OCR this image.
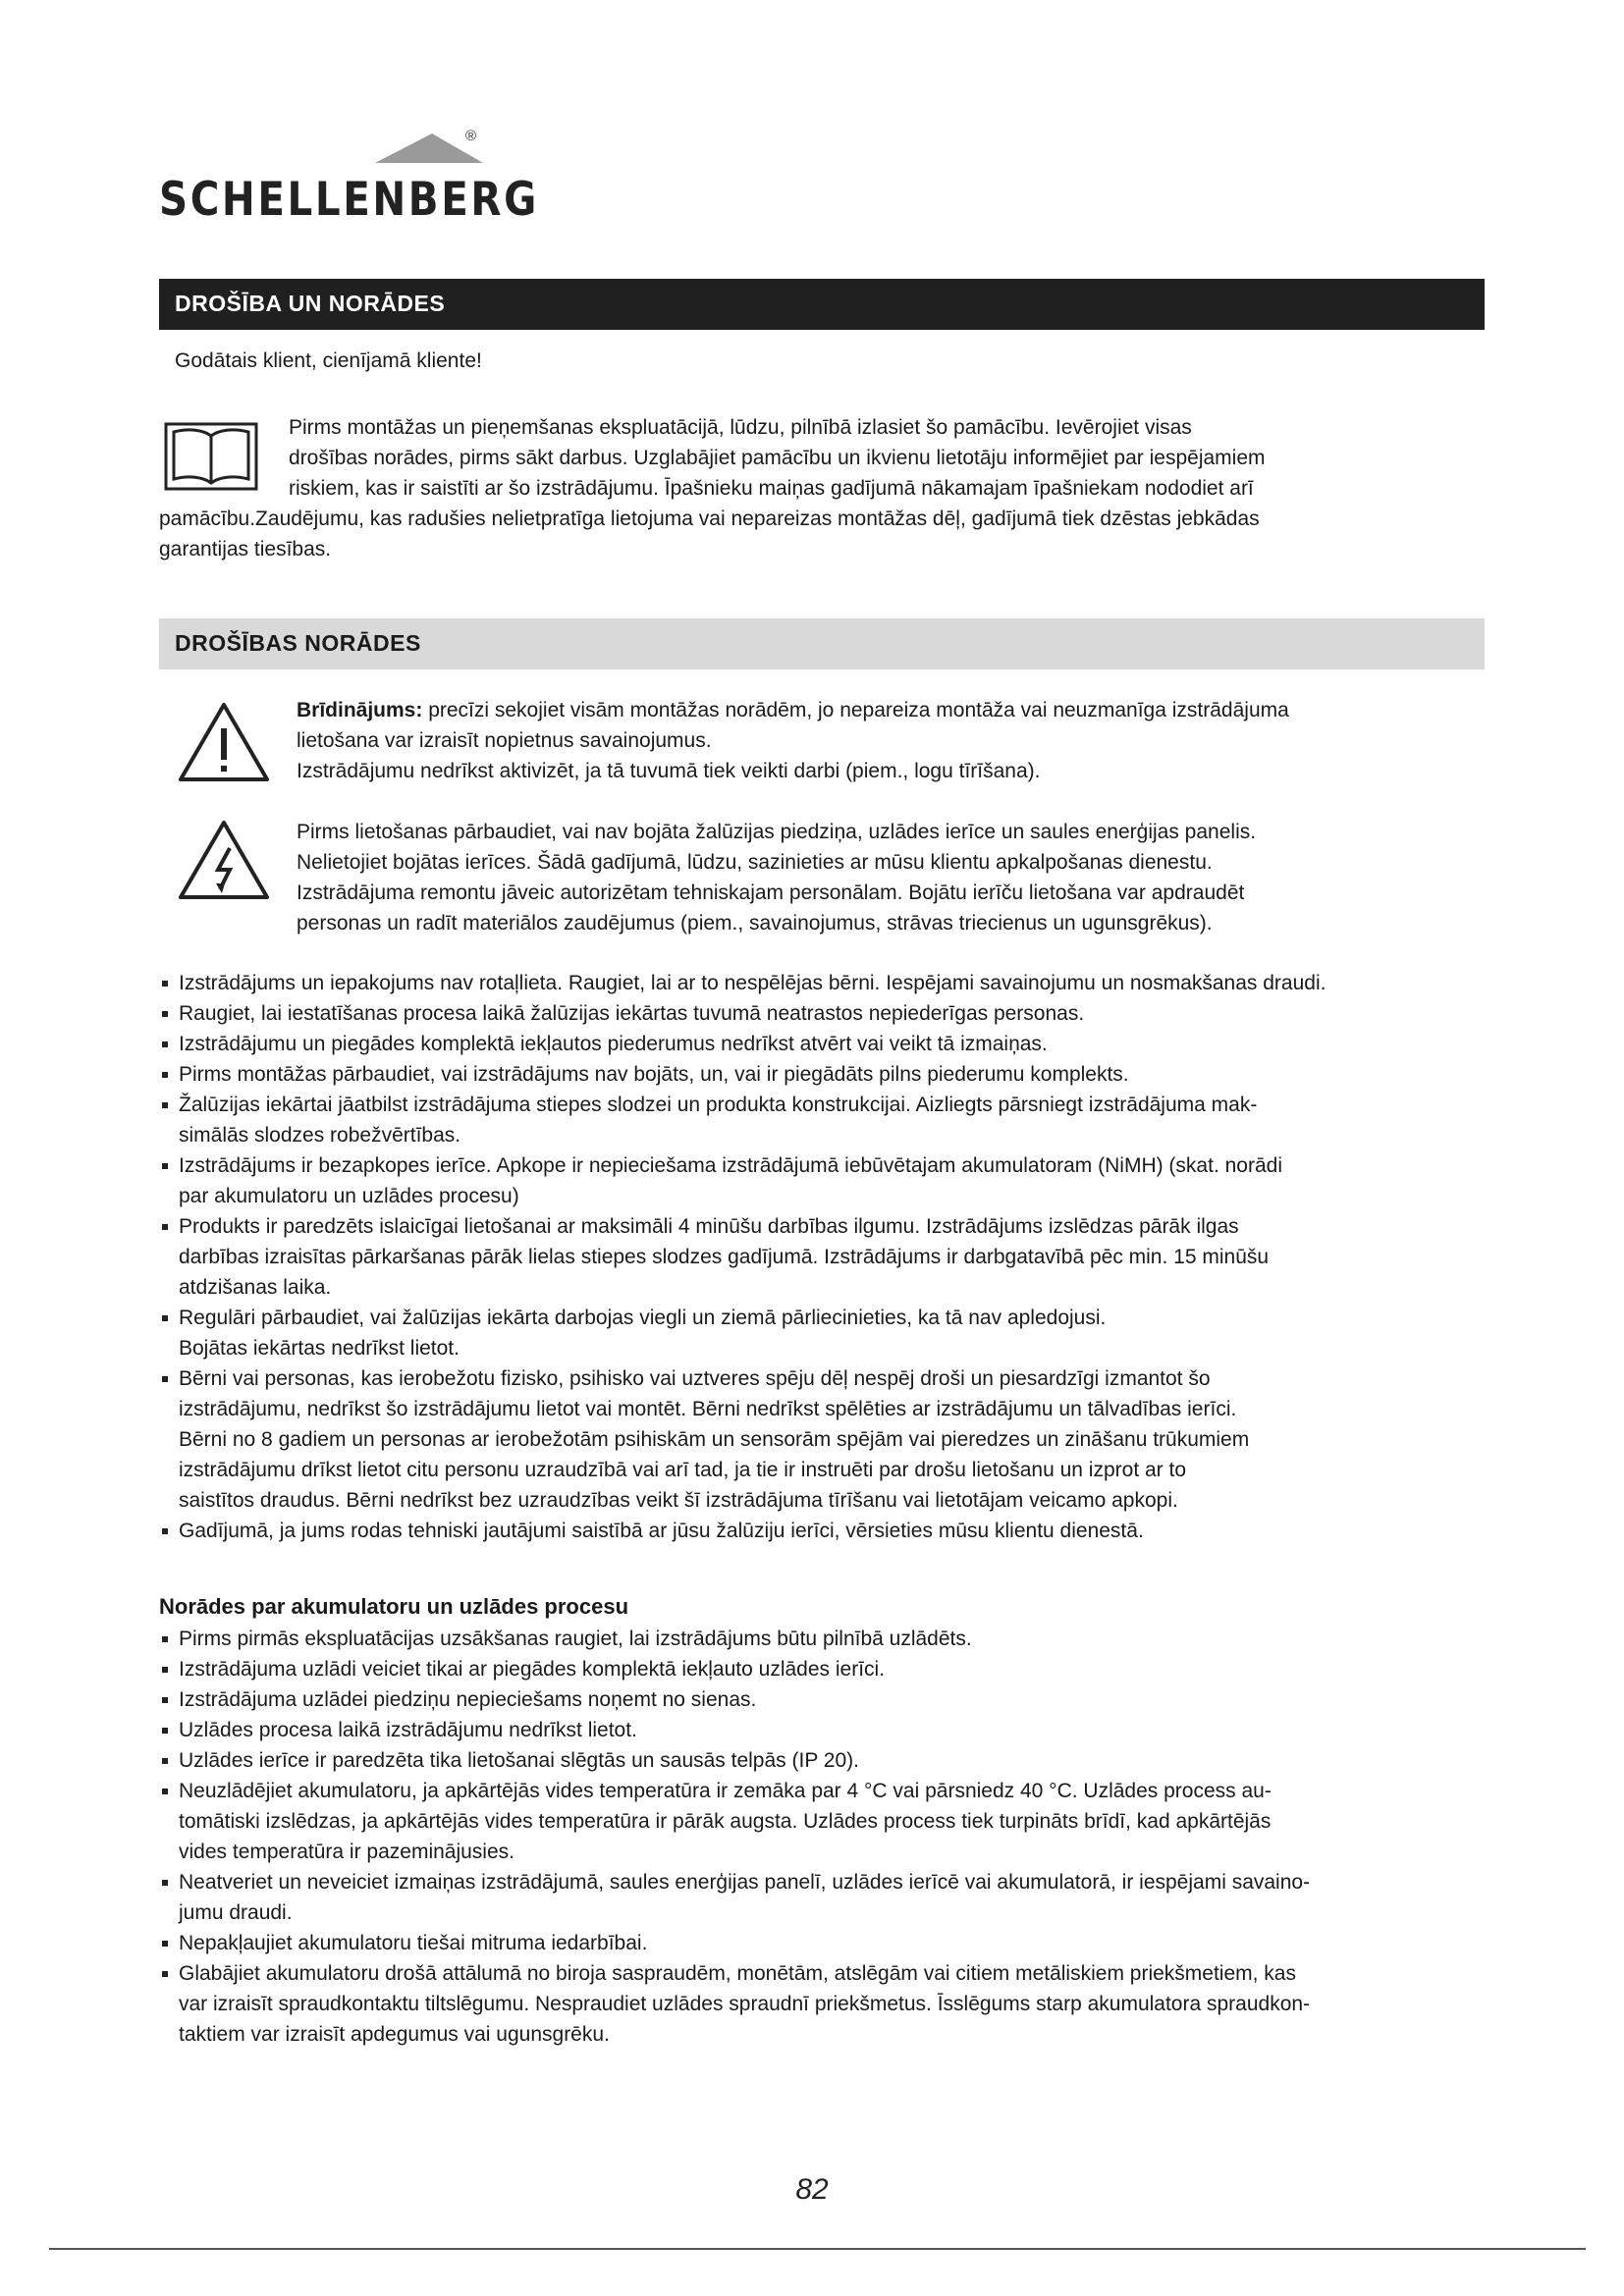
®
SCHELLENBERG
DROŠĪBA UN NORĀDES
Godātais klient, cienījamā kliente!
Pirms montāžas un pieņemšanas ekspluatācijā, lūdzu, pilnībā izlasiet šo pamācību. Ievērojiet visas
drošības norādes, pirms sākt darbus. Uzglabājiet pamācību un ikvienu lietotāju informējiet par iespējamiem
riskiem, kas ir saistīti ar šo izstrādājumu. Īpašnieku maiņas gadījumā nākamajam īpašniekam nododiet arī
pamācību.Zaudējumu, kas radušies nelietpratīga lietojuma vai nepareizas montāžas dēļ, gadījumā tiek dzēstas jebkādas
garantijas tiesības.
DROŠĪBAS NORĀDES
Brīdinājums: precīzi sekojiet visām montāžas norādēm, jo nepareiza montāža vai neuzmanīga izstrādājuma
lietošana var izraisīt nopietnus savainojumus.
Izstrādājumu nedrīkst aktivizēt, ja tā tuvumā tiek veikti darbi (piem., logu tīrīšana).
Pirms lietošanas pārbaudiet, vai nav bojāta žalūzijas piedziņa, uzlādes ierīce un saules enerģijas panelis.
Nelietojiet bojātas ierīces. Šādā gadījumā, lūdzu, sazinieties ar mūsu klientu apkalpošanas dienestu.
Izstrādājuma remontu jāveic autorizētam tehniskajam personālam. Bojātu ierīču lietošana var apdraudēt
personas un radīt materiālos zaudējumus (piem., savainojumus, strāvas triecienus un ugunsgrēkus).
Izstrādājums un iepakojums nav rotaļlieta. Raugiet, lai ar to nespēlējas bērni. Iespējami savainojumu un nosmakšanas draudi.
Raugiet, lai iestatīšanas procesa laikā žalūzijas iekārtas tuvumā neatrastos nepiederīgas personas.
Izstrādājumu un piegādes komplektā iekļautos piederumus nedrīkst atvērt vai veikt tā izmaiņas.
Pirms montāžas pārbaudiet, vai izstrādājums nav bojāts, un, vai ir piegādāts pilns piederumu komplekts.
Žalūzijas iekārtai jāatbilst izstrādājuma stiepes slodzei un produkta konstrukcijai. Aizliegts pārsniegt izstrādājuma mak-
simālās slodzes robežvērtības.
Izstrādājums ir bezapkopes ierīce. Apkope ir nepieciešama izstrādājumā iebūvētajam akumulatoram (NiMH) (skat. norādi
par akumulatoru un uzlādes procesu)
Produkts ir paredzēts islaicīgai lietošanai ar maksimāli 4 minūšu darbības ilgumu. Izstrādājums izslēdzas pārāk ilgas
darbības izraisītas pārkaršanas pārāk lielas stiepes slodzes gadījumā. Izstrādājums ir darbgatavībā pēc min. 15 minūšu
atdzišanas laika.
Regulāri pārbaudiet, vai žalūzijas iekārta darbojas viegli un ziemā pārliecinieties, ka tā nav apledojusi.
Bojātas iekārtas nedrīkst lietot.
Bērni vai personas, kas ierobežotu fizisko, psihisko vai uztveres spēju dēļ nespēj droši un piesardzīgi izmantot šo
izstrādājumu, nedrīkst šo izstrādājumu lietot vai montēt. Bērni nedrīkst spēlēties ar izstrādājumu un tālvadības ierīci.
Bērni no 8 gadiem un personas ar ierobežotām psihiskām un sensorām spējām vai pieredzes un zināšanu trūkumiem
izstrādājumu drīkst lietot citu personu uzraudzībā vai arī tad, ja tie ir instruēti par drošu lietošanu un izprot ar to
saistītos draudus. Bērni nedrīkst bez uzraudzības veikt šī izstrādājuma tīrīšanu vai lietotājam veicamo apkopi.
Gadījumā, ja jums rodas tehniski jautājumi saistībā ar jūsu žalūziju ierīci, vērsieties mūsu klientu dienestā.
Norādes par akumulatoru un uzlādes procesu
Pirms pirmās ekspluatācijas uzsākšanas raugiet, lai izstrādājums būtu pilnībā uzlādēts.
Izstrādājuma uzlādi veiciet tikai ar piegādes komplektā iekļauto uzlādes ierīci.
Izstrādājuma uzlādei piedziņu nepieciešams noņemt no sienas.
Uzlādes procesa laikā izstrādājumu nedrīkst lietot.
Uzlādes ierīce ir paredzēta tika lietošanai slēgtās un sausās telpās (IP 20).
Neuzlādējiet akumulatoru, ja apkārtējās vides temperatūra ir zemāka par 4 °C vai pārsniedz 40 °C. Uzlādes process au-
tomātiski izslēdzas, ja apkārtējās vides temperatūra ir pārāk augsta. Uzlādes process tiek turpināts brīdī, kad apkārtējās
vides temperatūra ir pazeminājusies.
Neatveriet un neveiciet izmaiņas izstrādājumā, saules enerģijas panelī, uzlādes ierīcē vai akumulatorā, ir iespējami savaino-
jumu draudi.
Nepakļaujiet akumulatoru tiešai mitruma iedarbībai.
Glabājiet akumulatoru drošā attālumā no biroja saspraudēm, monētām, atslēgām vai citiem metāliskiem priekšmetiem, kas
var izraisīt spraudkontaktu tiltslēgumu. Nespraudiet uzlādes spraudnī priekšmetus. Īsslēgums starp akumulatora spraudkon-
taktiem var izraisīt apdegumus vai ugunsgrēku.
82
